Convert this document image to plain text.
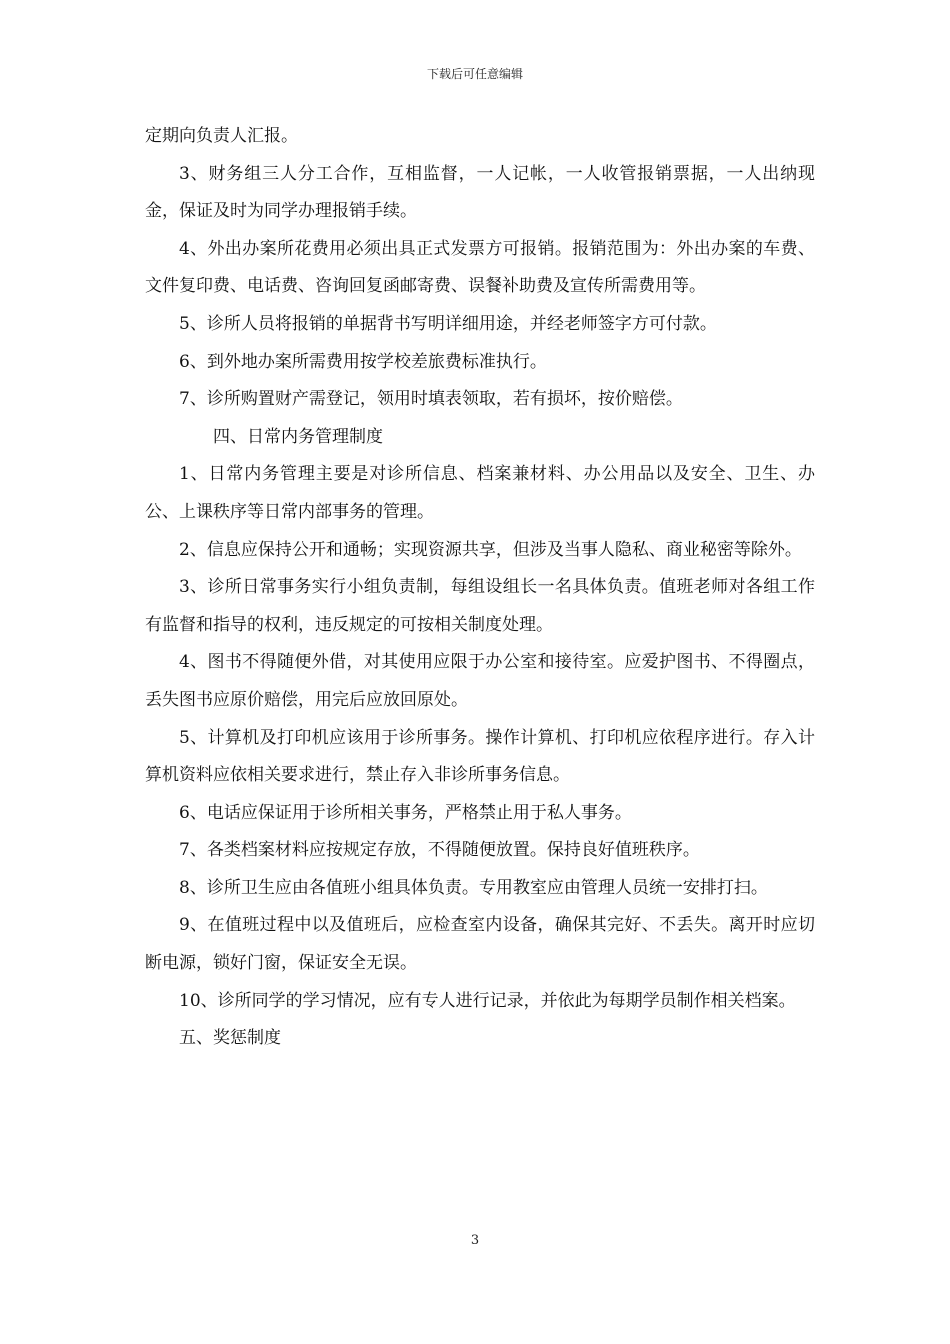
下载后可任意编辑

定期向负责人汇报。

3、财务组三人分工合作，互相监督，一人记帐，一人收管报销票据，一人出纳现金，保证及时为同学办理报销手续。

4、外出办案所花费用必须出具正式发票方可报销。报销范围为：外出办案的车费、文件复印费、电话费、咨询回复函邮寄费、误餐补助费及宣传所需费用等。

5、诊所人员将报销的单据背书写明详细用途，并经老师签字方可付款。

6、到外地办案所需费用按学校差旅费标准执行。

7、诊所购置财产需登记，领用时填表领取，若有损坏，按价赔偿。

四、日常内务管理制度

1、日常内务管理主要是对诊所信息、档案兼材料、办公用品以及安全、卫生、办公、上课秩序等日常内部事务的管理。

2、信息应保持公开和通畅；实现资源共享，但涉及当事人隐私、商业秘密等除外。

3、诊所日常事务实行小组负责制，每组设组长一名具体负责。值班老师对各组工作有监督和指导的权利，违反规定的可按相关制度处理。

4、图书不得随便外借，对其使用应限于办公室和接待室。应爱护图书、不得圈点，丢失图书应原价赔偿，用完后应放回原处。

5、计算机及打印机应该用于诊所事务。操作计算机、打印机应依程序进行。存入计算机资料应依相关要求进行，禁止存入非诊所事务信息。

6、电话应保证用于诊所相关事务，严格禁止用于私人事务。

7、各类档案材料应按规定存放，不得随便放置。保持良好值班秩序。

8、诊所卫生应由各值班小组具体负责。专用教室应由管理人员统一安排打扫。

9、在值班过程中以及值班后，应检查室内设备，确保其完好、不丢失。离开时应切断电源，锁好门窗，保证安全无误。

10、诊所同学的学习情况，应有专人进行记录，并依此为每期学员制作相关档案。

五、奖惩制度

3
